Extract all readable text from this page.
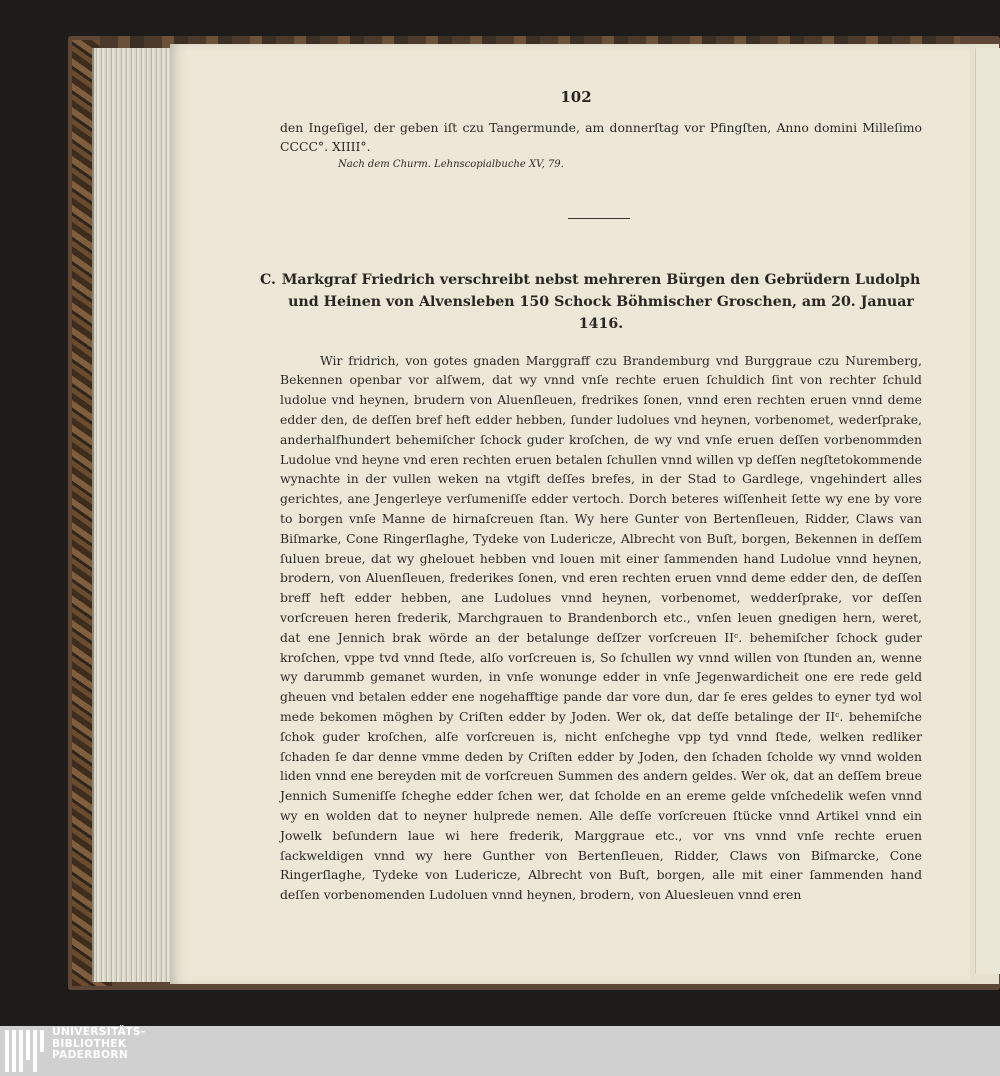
102

den Ingeſigel, der geben iſt czu Tangermunde, am donnerſtag vor Pfingſten, Anno domini Milleſimo CCCC°. XIIII°.

Nach dem Churm. Lehnscopialbuche XV, 79.

C. Markgraf Friedrich verschreibt nebst mehreren Bürgen den Gebrüdern Ludolph und Heinen von Alvensleben 150 Schock Böhmischer Groschen, am 20. Januar 1416.

Wir fridrich, von gotes gnaden Marggraff czu Brandemburg vnd Burggraue czu Nuremberg, Bekennen openbar vor alſwem, dat wy vnnd vnſe rechte eruen ſchuldich ſint von rechter ſchuld ludolue vnd heynen, brudern von Aluenſleuen, fredrikes ſonen, vnnd eren rechten eruen vnnd deme edder den, de deſſen bref heft edder hebben, ſunder ludolues vnd heynen, vorbenomet, wederſprake, anderhalfhundert behemiſcher ſchock guder kroſchen, de wy vnd vnſe eruen deſſen vorbenommden Ludolue vnd heyne vnd eren rechten eruen betalen ſchullen vnnd willen vp deſſen negſtetokommende wynachte in der vullen weken na vtgift deſſes brefes, in der Stad to Gardlege, vngehindert alles gerichtes, ane Jengerleye verſumeniſſe edder vertoch. Dorch beteres wiſſenheit ſette wy ene by vore to borgen vnſe Manne de hirnaſcreuen ſtan. Wy here Gunter von Bertenſleuen, Ridder, Claws van Biſmarke, Cone Ringerſlaghe, Tydeke von Ludericze, Albrecht von Buſt, borgen, Bekennen in deſſem ſuluen breue, dat wy ghelouet hebben vnd louen mit einer ſammenden hand Ludolue vnnd heynen, brodern, von Aluenſleuen, frederikes ſonen, vnd eren rechten eruen vnnd deme edder den, de deſſen breff heft edder hebben, ane Ludolues vnnd heynen, vorbenomet, wedderſprake, vor deſſen vorſcreuen heren frederik, Marchgrauen to Brandenborch etc., vnſen leuen gnedigen hern, weret, dat ene Jennich brak wörde an der betalunge deſſzer vorſcreuen IIᶜ. behemiſcher ſchock guder kroſchen, vppe tvd vnnd ſtede, alſo vorſcreuen is, So ſchullen wy vnnd willen von ſtunden an, wenne wy darummb gemanet wurden, in vnſe wonunge edder in vnſe Jegenwardicheit one ere rede geld gheuen vnd betalen edder ene nogehafftige pande dar vore dun, dar ſe eres geldes to eyner tyd wol mede bekomen möghen by Criſten edder by Joden. Wer ok, dat deſſe betalinge der IIᶜ. behemiſche ſchok guder kroſchen, alſe vorſcreuen is, nicht enſcheghe vpp tyd vnnd ſtede, welken redliker ſchaden ſe dar denne vmme deden by Criſten edder by Joden, den ſchaden ſcholde wy vnnd wolden liden vnnd ene bereyden mit de vorſcreuen Summen des andern geldes. Wer ok, dat an deſſem breue Jennich Sumeniſſe ſcheghe edder ſchen wer, dat ſcholde en an ereme gelde vnſchedelik weſen vnnd wy en wolden dat to neyner hulprede nemen. Alle deſſe vorſcreuen ſtücke vnnd Artikel vnnd ein Jowelk beſundern laue wi here frederik, Marggraue etc., vor vns vnnd vnſe rechte eruen ſackweldigen vnnd wy here Gunther von Bertenſleuen, Ridder, Claws von Biſmarcke, Cone Ringerſlaghe, Tydeke von Ludericze, Albrecht von Buſt, borgen, alle mit einer ſammenden hand deſſen vorbenomenden Ludoluen vnnd heynen, brodern, von Aluesleuen vnnd eren

UNIVERSITÄTS-
BIBLIOTHEK
PADERBORN
